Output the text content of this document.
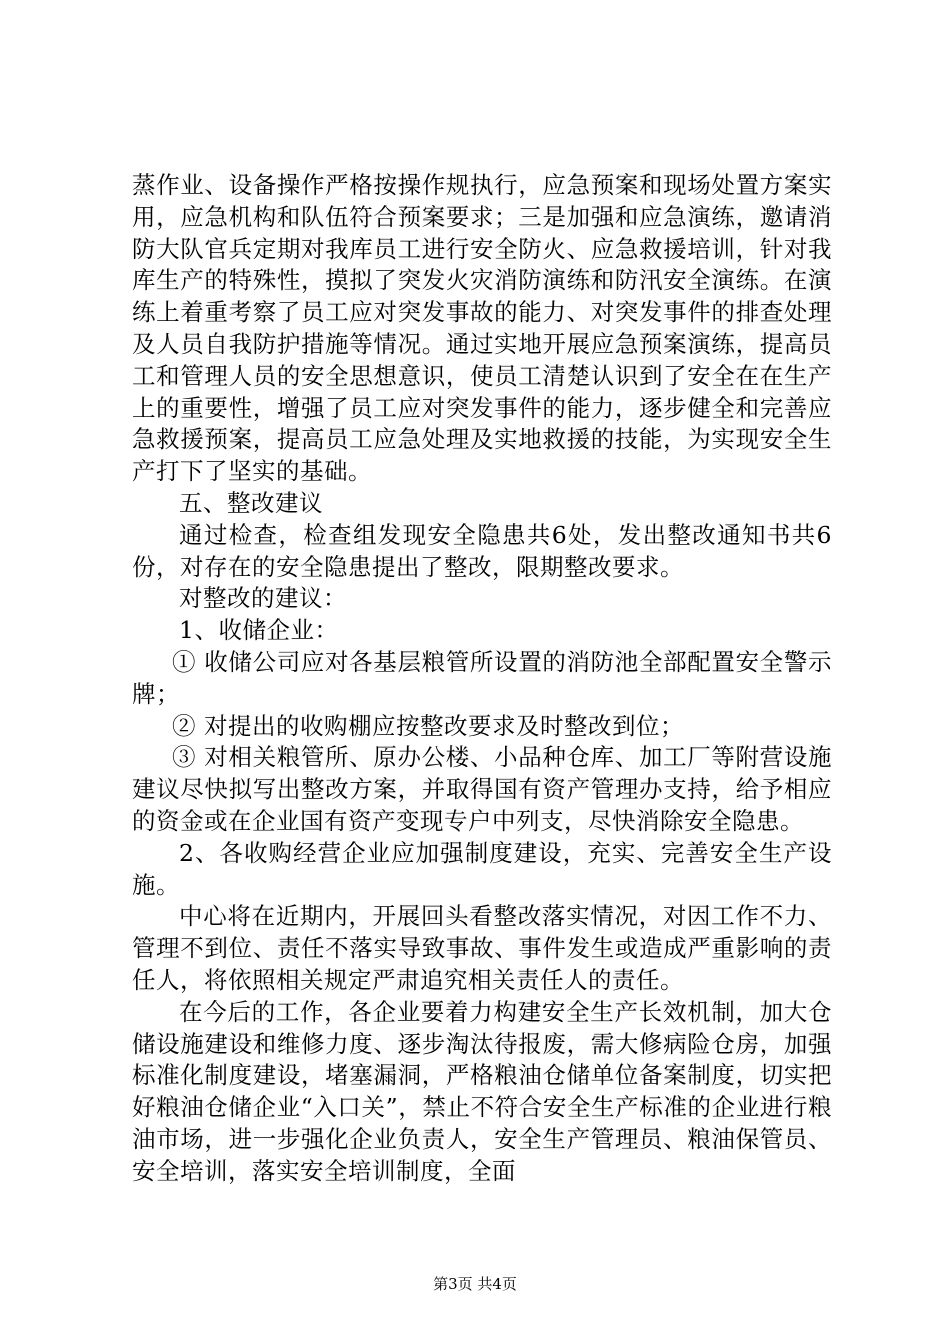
蒸作业、设备操作严格按操作规执行，应急预案和现场处置方案实用，应急机构和队伍符合预案要求；三是加强和应急演练，邀请消防大队官兵定期对我库员工进行安全防火、应急救援培训，针对我库生产的特殊性，摸拟了突发火灾消防演练和防汛安全演练。在演练上着重考察了员工应对突发事故的能力、对突发事件的排查处理及人员自我防护措施等情况。通过实地开展应急预案演练，提高员工和管理人员的安全思想意识，使员工清楚认识到了安全在在生产上的重要性，增强了员工应对突发事件的能力，逐步健全和完善应急救援预案，提高员工应急处理及实地救援的技能，为实现安全生产打下了坚实的基础。

五、整改建议

通过检查，检查组发现安全隐患共6处，发出整改通知书共6份，对存在的安全隐患提出了整改，限期整改要求。

对整改的建议：

1、收储企业：

① 收储公司应对各基层粮管所设置的消防池全部配置安全警示牌；

② 对提出的收购棚应按整改要求及时整改到位；

③ 对相关粮管所、原办公楼、小品种仓库、加工厂等附营设施建议尽快拟写出整改方案，并取得国有资产管理办支持，给予相应的资金或在企业国有资产变现专户中列支，尽快消除安全隐患。

2、各收购经营企业应加强制度建设，充实、完善安全生产设施。

中心将在近期内，开展回头看整改落实情况，对因工作不力、管理不到位、责任不落实导致事故、事件发生或造成严重影响的责任人，将依照相关规定严肃追究相关责任人的责任。

在今后的工作，各企业要着力构建安全生产长效机制，加大仓储设施建设和维修力度、逐步淘汰待报废，需大修病险仓房，加强标准化制度建设，堵塞漏洞，严格粮油仓储单位备案制度，切实把好粮油仓储企业“入口关”，禁止不符合安全生产标准的企业进行粮油市场，进一步强化企业负责人，安全生产管理员、粮油保管员、安全培训，落实安全培训制度，全面

第3页 共4页
